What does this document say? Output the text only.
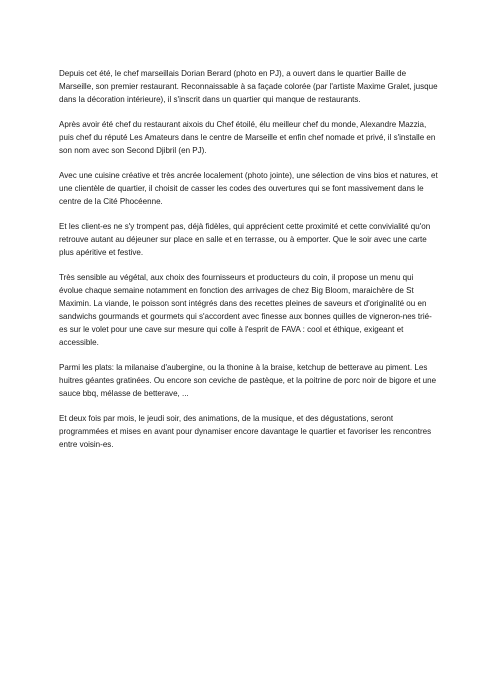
Depuis cet été, le chef marseillais Dorian Berard (photo en PJ), a ouvert dans le quartier Baille de Marseille, son premier restaurant. Reconnaissable à sa façade colorée (par l'artiste Maxime Gralet, jusque dans la décoration intérieure), il s'inscrit dans un quartier qui manque de restaurants.

Après avoir été chef du restaurant aixois du Chef étoilé, élu meilleur chef du monde, Alexandre Mazzia, puis chef du réputé Les Amateurs dans le centre de Marseille et enfin chef nomade et privé, il s'installe en son nom avec son Second Djibril (en PJ).

Avec une cuisine créative et très ancrée localement (photo jointe), une sélection de vins bios et natures, et une clientèle de quartier, il choisit de casser les codes des ouvertures qui se font massivement dans le centre de la Cité Phocéenne.

Et les client-es ne s'y trompent pas, déjà fidèles, qui apprécient cette proximité et cette convivialité qu'on retrouve autant au déjeuner sur place en salle et en terrasse, ou à emporter. Que le soir avec une carte plus apéritive et festive.

Très sensible au végétal, aux choix des fournisseurs et producteurs du coin, il propose un menu qui évolue chaque semaine notamment en fonction des arrivages de chez Big Bloom, maraichère de St Maximin. La viande, le poisson sont intégrés dans des recettes pleines de saveurs et d'originalité ou en sandwichs gourmands et gourmets qui s'accordent avec finesse aux bonnes quilles de vigneron-nes trié-es sur le volet pour une cave sur mesure qui colle à l'esprit de FAVA : cool et éthique, exigeant et accessible.

Parmi les plats: la milanaise d'aubergine, ou la thonine à la braise, ketchup de betterave au piment. Les huitres géantes gratinées. Ou encore son ceviche de pastèque, et la poitrine de porc noir de bigore et une sauce bbq, mélasse de betterave, ...

Et deux fois par mois, le jeudi soir, des animations, de la musique, et des dégustations, seront programmées et mises en avant pour dynamiser encore davantage le quartier et favoriser les rencontres entre voisin-es.
